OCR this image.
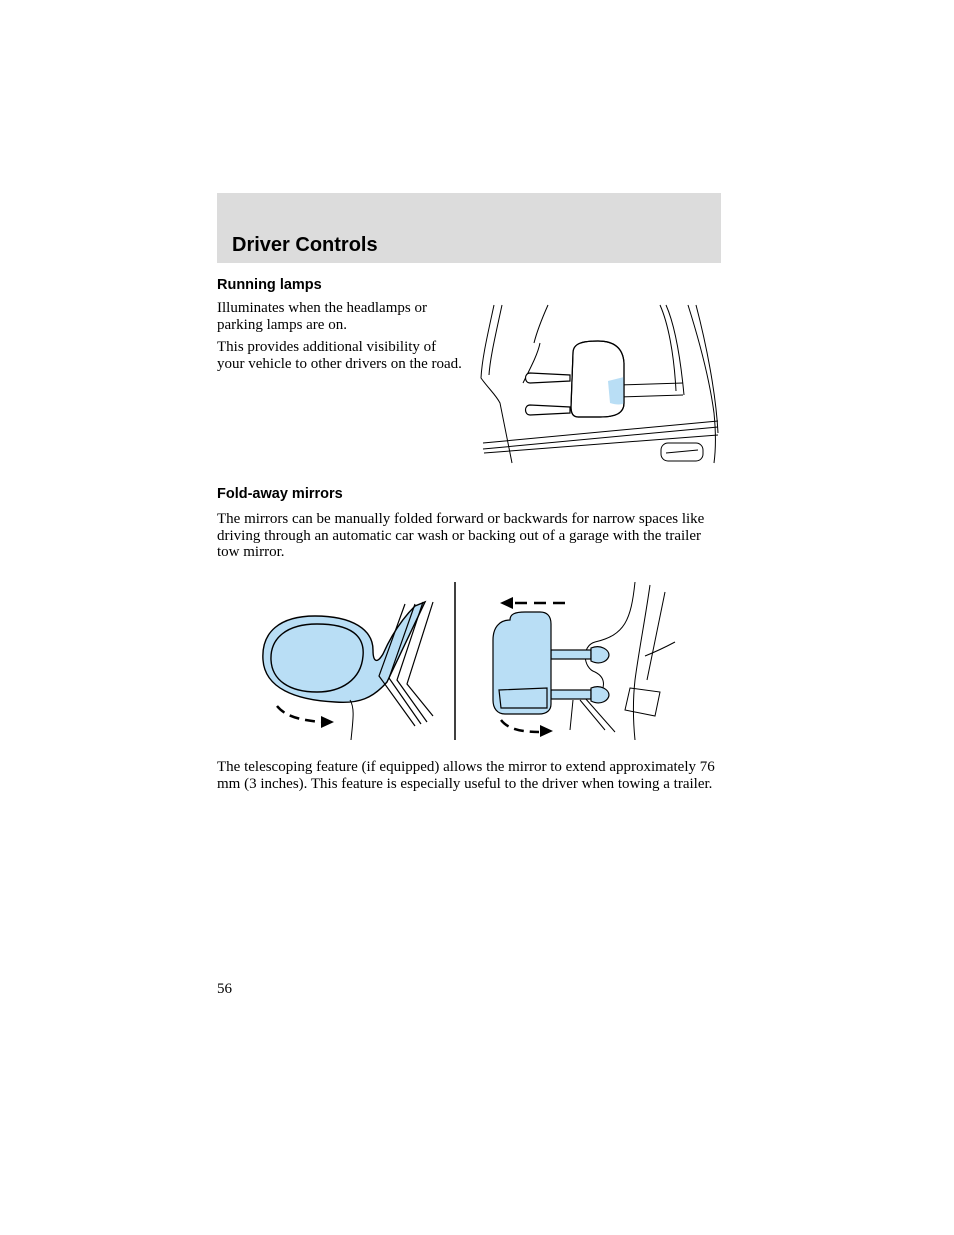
Driver Controls
Running lamps

Illuminates when the headlamps or parking lamps are on.

This provides additional visibility of your vehicle to other drivers on the road.

Fold-away mirrors

The mirrors can be manually folded forward or backwards for narrow spaces like driving through an automatic car wash or backing out of a garage with the trailer tow mirror.

The telescoping feature (if equipped) allows the mirror to extend approximately 76 mm (3 inches). This feature is especially useful to the driver when towing a trailer.

56
